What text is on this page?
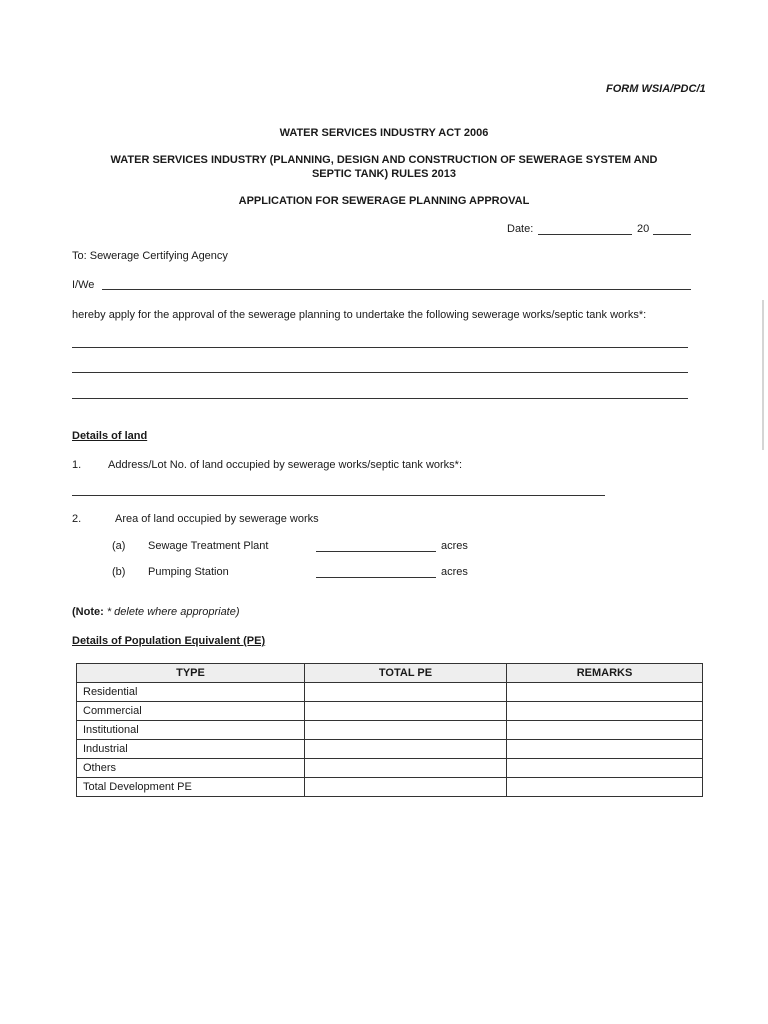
FORM WSIA/PDC/1
WATER SERVICES INDUSTRY ACT 2006
WATER SERVICES INDUSTRY (PLANNING, DESIGN AND CONSTRUCTION OF SEWERAGE SYSTEM AND
SEPTIC TANK) RULES 2013
APPLICATION FOR SEWERAGE PLANNING APPROVAL
Date:	20
To: Sewerage Certifying Agency
I/We
hereby apply for the approval of the sewerage planning to undertake the following sewerage works/septic tank works*:
Details of land
1. Address/Lot No. of land occupied by sewerage works/septic tank works*:
2.	Area of land occupied by sewerage works
(a) Sewage Treatment Plant	acres
(b) Pumping Station	acres
(Note: * delete where appropriate)
Details of Population Equivalent (PE)
TYPE	TOTAL PE	REMARKS
Residential		
Commercial		
Institutional		
Industrial		
Others		
Total Development PE		
